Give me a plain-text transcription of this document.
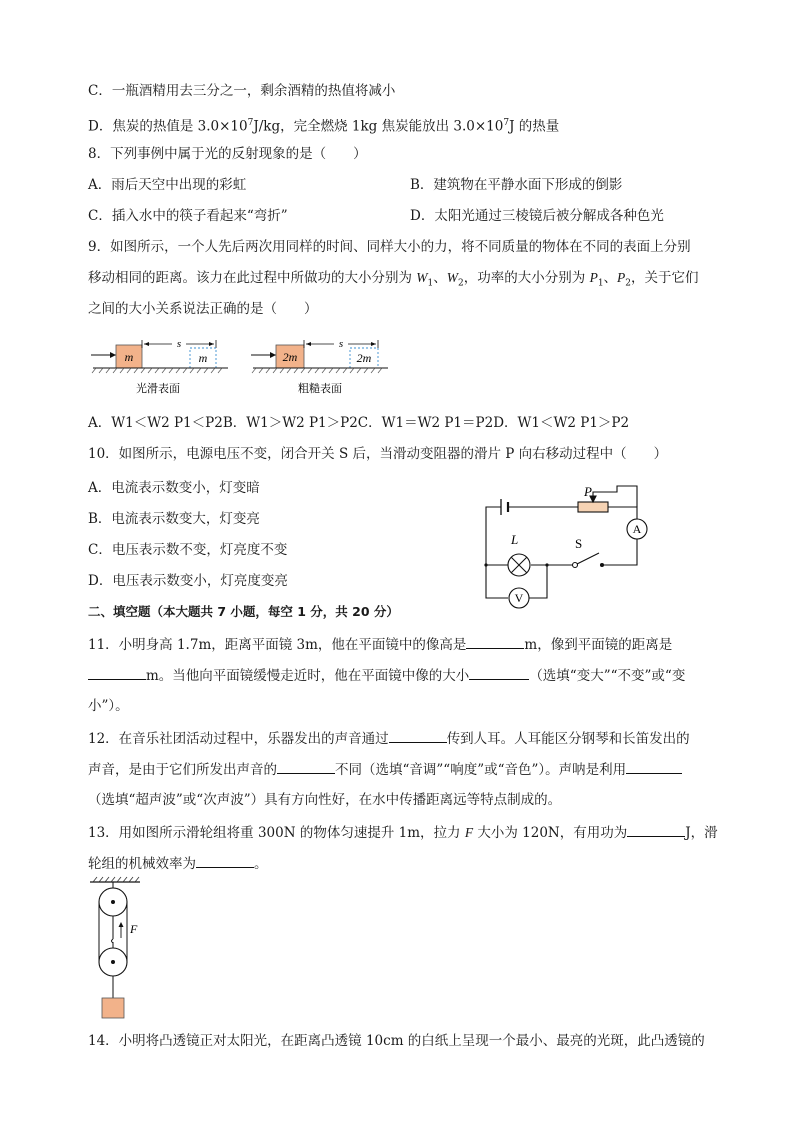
C．一瓶酒精用去三分之一，剩余酒精的热值将减小
D．焦炭的热值是 $3.0\times 10^7J/kg$，完全燃烧 1kg 焦炭能放出 $3.0\times 10^7J$ 的热量
8．下列事例中属于光的反射现象的是（　　）
A．雨后天空中出现的彩虹	B．建筑物在平静水面下形成的倒影
C．插入水中的筷子看起来“弯折”	D．太阳光通过三棱镜后被分解成各种色光
9．如图所示，一个人先后两次用同样的时间、同样大小的力，将不同质量的物体在不同的表面上分别
移动相同的距离。该力在此过程中所做功的大小分别为 $W_1$、$W_2$，功率的大小分别为 $P_1$、$P_2$，关于它们
之间的大小关系说法正确的是（　　）
m
s
m
光滑表面
2m
s
2m
粗糙表面
A．W1＜W2 P1＜P2B．W1＞W2 P1＞P2C．W1＝W2 P1＝P2D．W1＜W2 P1＞P2
10．如图所示，电源电压不变，闭合开关 S 后，当滑动变阻器的滑片 P 向右移动过程中（　　）
A．电流表示数变小，灯变暗
B．电流表示数变大，灯变亮
C．电压表示数不变，灯亮度不变
D．电压表示数变小，灯亮度变亮
P
A
L	S
V
二、填空题（本大题共 7 小题，每空 1 分，共 20 分）
11．小明身高 1.7m，距离平面镜 3m，他在平面镜中的像高是	m，像到平面镜的距离是
m。当他向平面镜缓慢走近时，他在平面镜中像的大小	（选填“变大”“不变”或“变
小”）。
12．在音乐社团活动过程中，乐器发出的声音通过	传到人耳。人耳能区分钢琴和长笛发出的
声音，是由于它们所发出声音的	不同（选填“音调”“响度”或“音色”）。声呐是利用
（选填“超声波”或“次声波”）具有方向性好，在水中传播距离远等特点制成的。
13．用如图所示滑轮组将重 300N 的物体匀速提升 1m，拉力 F 大小为 120N，有用功为	J，滑
轮组的机械效率为	。
F
14．小明将凸透镜正对太阳光，在距离凸透镜 10cm 的白纸上呈现一个最小、最亮的光斑，此凸透镜的
